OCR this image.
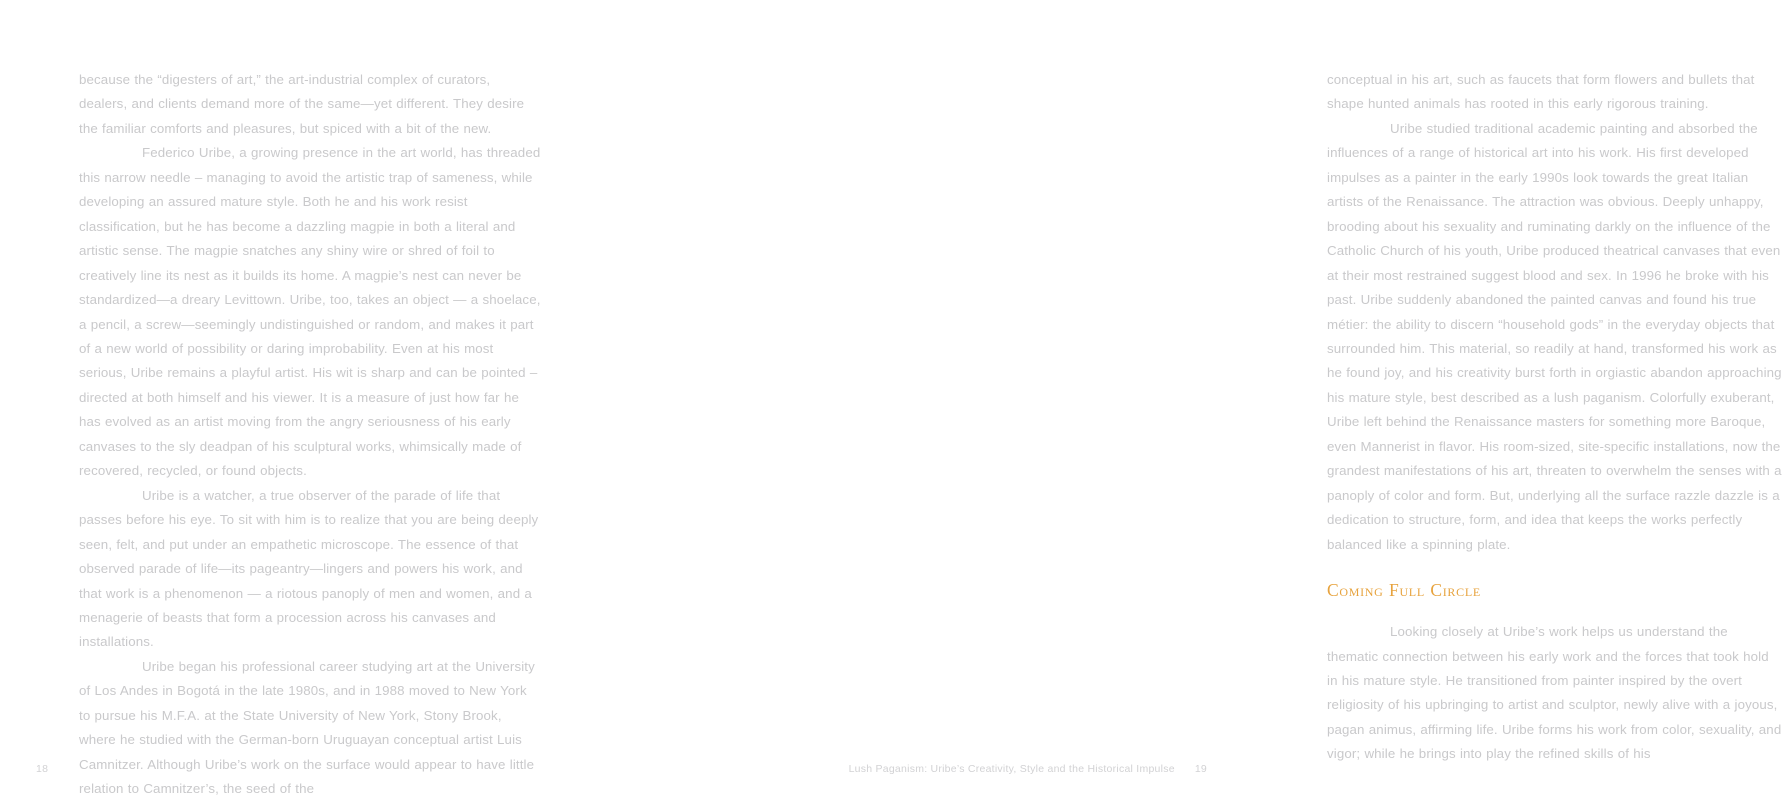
because the “digesters of art,” the art-industrial complex of curators, dealers, and clients demand more of the same—yet different. They desire the familiar comforts and pleasures, but spiced with a bit of the new.

Federico Uribe, a growing presence in the art world, has threaded this narrow needle – managing to avoid the artistic trap of sameness, while developing an assured mature style. Both he and his work resist classification, but he has become a dazzling magpie in both a literal and artistic sense. The magpie snatches any shiny wire or shred of foil to creatively line its nest as it builds its home. A magpie’s nest can never be standardized—a dreary Levittown. Uribe, too, takes an object — a shoelace, a pencil, a screw—seemingly undistinguished or random, and makes it part of a new world of possibility or daring improbability. Even at his most serious, Uribe remains a playful artist. His wit is sharp and can be pointed – directed at both himself and his viewer. It is a measure of just how far he has evolved as an artist moving from the angry seriousness of his early canvases to the sly deadpan of his sculptural works, whimsically made of recovered, recycled, or found objects.

Uribe is a watcher, a true observer of the parade of life that passes before his eye. To sit with him is to realize that you are being deeply seen, felt, and put under an empathetic microscope. The essence of that observed parade of life—its pageantry—lingers and powers his work, and that work is a phenomenon — a riotous panoply of men and women, and a menagerie of beasts that form a procession across his canvases and installations.

Uribe began his professional career studying art at the University of Los Andes in Bogotá in the late 1980s, and in 1988 moved to New York to pursue his M.F.A. at the State University of New York, Stony Brook, where he studied with the German-born Uruguayan conceptual artist Luis Camnitzer. Although Uribe’s work on the surface would appear to have little relation to Camnitzer’s, the seed of the

18

conceptual in his art, such as faucets that form flowers and bullets that shape hunted animals has rooted in this early rigorous training.

Uribe studied traditional academic painting and absorbed the influences of a range of historical art into his work. His first developed impulses as a painter in the early 1990s look towards the great Italian artists of the Renaissance. The attraction was obvious. Deeply unhappy, brooding about his sexuality and ruminating darkly on the influence of the Catholic Church of his youth, Uribe produced theatrical canvases that even at their most restrained suggest blood and sex. In 1996 he broke with his past. Uribe suddenly abandoned the painted canvas and found his true métier: the ability to discern “household gods” in the everyday objects that surrounded him. This material, so readily at hand, transformed his work as he found joy, and his creativity burst forth in orgiastic abandon approaching his mature style, best described as a lush paganism. Colorfully exuberant, Uribe left behind the Renaissance masters for something more Baroque, even Mannerist in flavor. His room-sized, site-specific installations, now the grandest manifestations of his art, threaten to overwhelm the senses with a panoply of color and form. But, underlying all the surface razzle dazzle is a dedication to structure, form, and idea that keeps the works perfectly balanced like a spinning plate.

Coming Full Circle

Looking closely at Uribe’s work helps us understand the thematic connection between his early work and the forces that took hold in his mature style. He transitioned from painter inspired by the overt religiosity of his upbringing to artist and sculptor, newly alive with a joyous, pagan animus, affirming life. Uribe forms his work from color, sexuality, and vigor; while he brings into play the refined skills of his

Lush Paganism: Uribe’s Creativity, Style and the Historical Impulse 19
